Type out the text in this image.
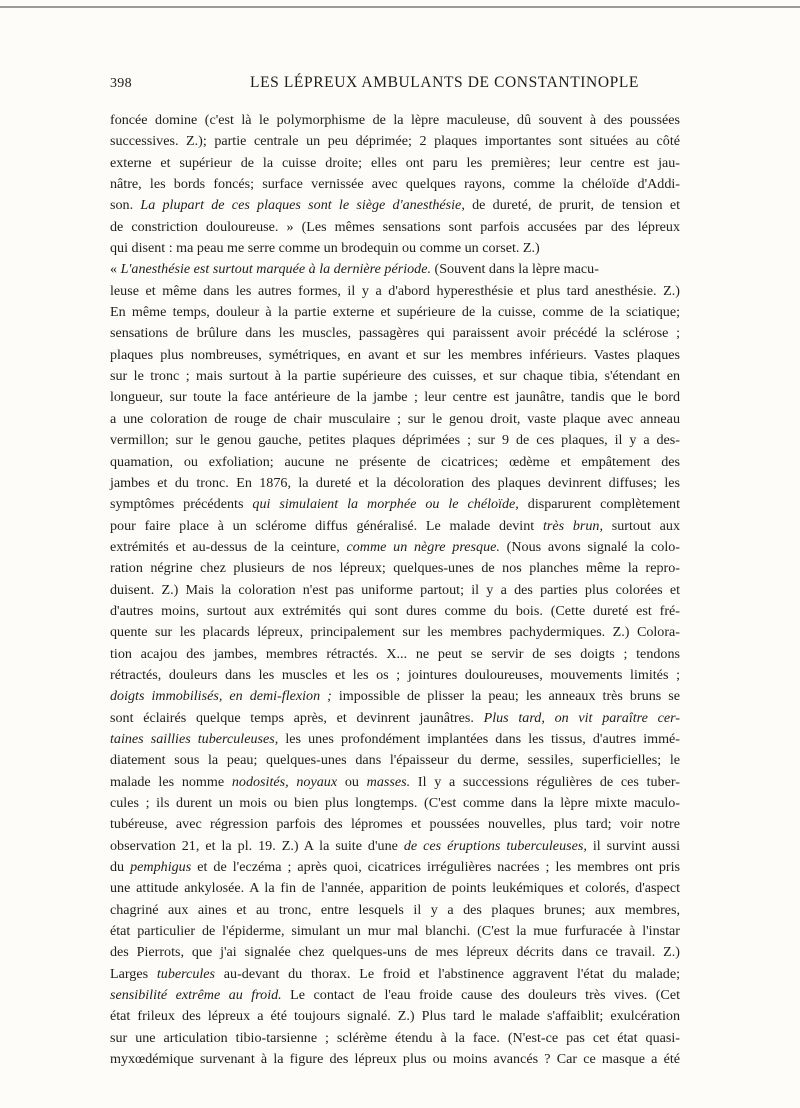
398	LES LÉPREUX AMBULANTS DE CONSTANTINOPLE

foncée domine (c'est là le polymorphisme de la lèpre maculeuse, dû souvent à des poussées

successives. Z.); partie centrale un peu déprimée; 2 plaques importantes sont situées au côté

externe et supérieur de la cuisse droite; elles ont paru les premières; leur centre est jau-

nâtre, les bords foncés; surface vernissée avec quelques rayons, comme la chéloïde d'Addi-

son. La plupart de ces plaques sont le siège d'anesthésie, de dureté, de prurit, de tension et

de constriction douloureuse. » (Les mêmes sensations sont parfois accusées par des lépreux

qui disent : ma peau me serre comme un brodequin ou comme un corset. Z.)

« L'anesthésie est surtout marquée à la dernière période. (Souvent dans la lèpre macu-

leuse et même dans les autres formes, il y a d'abord hyperesthésie et plus tard anesthésie. Z.)

En même temps, douleur à la partie externe et supérieure de la cuisse, comme de la sciatique;

sensations de brûlure dans les muscles, passagères qui paraissent avoir précédé la sclérose ;

plaques plus nombreuses, symétriques, en avant et sur les membres inférieurs. Vastes plaques

sur le tronc ; mais surtout à la partie supérieure des cuisses, et sur chaque tibia, s'étendant en

longueur, sur toute la face antérieure de la jambe ; leur centre est jaunâtre, tandis que le bord

a une coloration de rouge de chair musculaire ; sur le genou droit, vaste plaque avec anneau

vermillon; sur le genou gauche, petites plaques déprimées ; sur 9 de ces plaques, il y a des-

quamation, ou exfoliation; aucune ne présente de cicatrices; œdème et empâtement des

jambes et du tronc. En 1876, la dureté et la décoloration des plaques devinrent diffuses; les

symptômes précédents qui simulaient la morphée ou le chéloïde, disparurent complètement

pour faire place à un sclérome diffus généralisé. Le malade devint très brun, surtout aux

extrémités et au-dessus de la ceinture, comme un nègre presque. (Nous avons signalé la colo-

ration négrine chez plusieurs de nos lépreux; quelques-unes de nos planches même la repro-

duisent. Z.) Mais la coloration n'est pas uniforme partout; il y a des parties plus colorées et

d'autres moins, surtout aux extrémités qui sont dures comme du bois. (Cette dureté est fré-

quente sur les placards lépreux, principalement sur les membres pachydermiques. Z.) Colora-

tion acajou des jambes, membres rétractés. X... ne peut se servir de ses doigts ; tendons

rétractés, douleurs dans les muscles et les os ; jointures douloureuses, mouvements limités ;

doigts immobilisés, en demi-flexion ; impossible de plisser la peau; les anneaux très bruns se

sont éclairés quelque temps après, et devinrent jaunâtres. Plus tard, on vit paraître cer-

taines saillies tuberculeuses, les unes profondément implantées dans les tissus, d'autres immé-

diatement sous la peau; quelques-unes dans l'épaisseur du derme, sessiles, superficielles; le

malade les nomme nodosités, noyaux ou masses. Il y a successions régulières de ces tuber-

cules ; ils durent un mois ou bien plus longtemps. (C'est comme dans la lèpre mixte maculo-

tubéreuse, avec régression parfois des lépromes et poussées nouvelles, plus tard; voir notre

observation 21, et la pl. 19. Z.) A la suite d'une de ces éruptions tuberculeuses, il survint aussi

du pemphigus et de l'eczéma ; après quoi, cicatrices irrégulières nacrées ; les membres ont pris

une attitude ankylosée. A la fin de l'année, apparition de points leukémiques et colorés, d'aspect

chagriné aux aines et au tronc, entre lesquels il y a des plaques brunes; aux membres,

état particulier de l'épiderme, simulant un mur mal blanchi. (C'est la mue furfuracée à l'instar

des Pierrots, que j'ai signalée chez quelques-uns de mes lépreux décrits dans ce travail. Z.)

Larges tubercules au-devant du thorax. Le froid et l'abstinence aggravent l'état du malade;

sensibilité extrême au froid. Le contact de l'eau froide cause des douleurs très vives. (Cet

état frileux des lépreux a été toujours signalé. Z.) Plus tard le malade s'affaiblit; exulcération

sur une articulation tibio-tarsienne ; sclérème étendu à la face. (N'est-ce pas cet état quasi-

myxœdémique survenant à la figure des lépreux plus ou moins avancés ? Car ce masque a été
